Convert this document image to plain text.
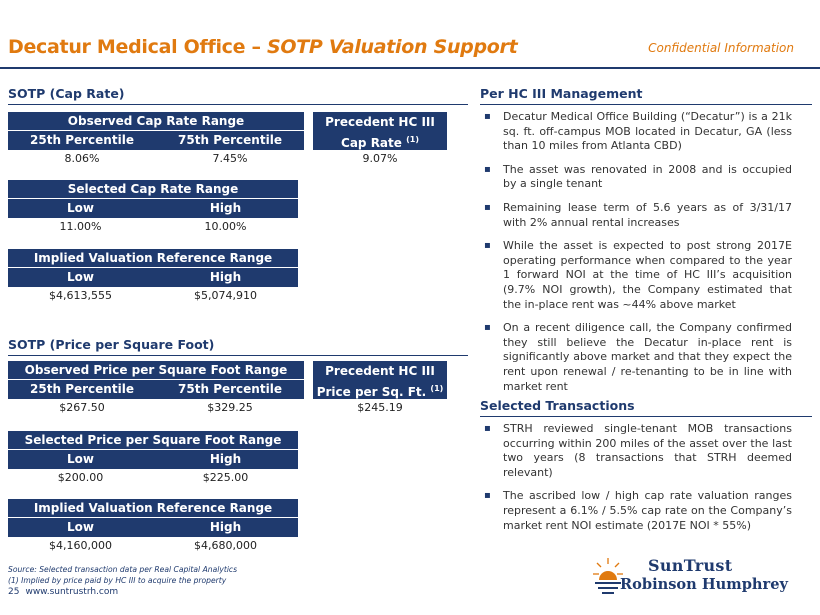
Decatur Medical Office – SOTP Valuation Support	Confidential Information
SOTP (Cap Rate)
Observed Cap Rate Range
25th Percentile	75th Percentile
8.06%	7.45%
Precedent HC III
Cap Rate $^{(1)}$
9.07%
Selected Cap Rate Range
Low	High
11.00%	10.00%
Implied Valuation Reference Range
Low	High
$4,613,555	$5,074,910
SOTP (Price per Square Foot)
Observed Price per Square Foot Range
25th Percentile	75th Percentile
$267.50	$329.25
Precedent HC III
Price per Sq. Ft. $^{(1)}$
$245.19
Selected Price per Square Foot Range
Low	High
$200.00	$225.00
Implied Valuation Reference Range
Low	High
$4,160,000	$4,680,000
Per HC III Management
▪ Decatur Medical Office Building (“Decatur”) is a 21k sq. ft. off-campus MOB located in Decatur, GA (less than 10 miles from Atlanta CBD)
▪ The asset was renovated in 2008 and is occupied by a single tenant
▪ Remaining lease term of 5.6 years as of 3/31/17 with 2% annual rental increases
▪ While the asset is expected to post strong 2017E operating performance when compared to the year 1 forward NOI at the time of HC III’s acquisition (9.7% NOI growth), the Company estimated that the in-place rent was ~44% above market
▪ On a recent diligence call, the Company confirmed they still believe the Decatur in-place rent is significantly above market and that they expect the rent upon renewal / re-tenanting to be in line with market rent
Selected Transactions
▪ STRH reviewed single-tenant MOB transactions occurring within 200 miles of the asset over the last two years (8 transactions that STRH deemed relevant)
▪ The ascribed low / high cap rate valuation ranges represent a 6.1% / 5.5% cap rate on the Company’s market rent NOI estimate (2017E NOI * 55%)
Source: Selected transaction data per Real Capital Analytics
(1) Implied by price paid by HC III to acquire the property
25 www.suntrustrh.com
SunTrust
Robinson Humphrey
